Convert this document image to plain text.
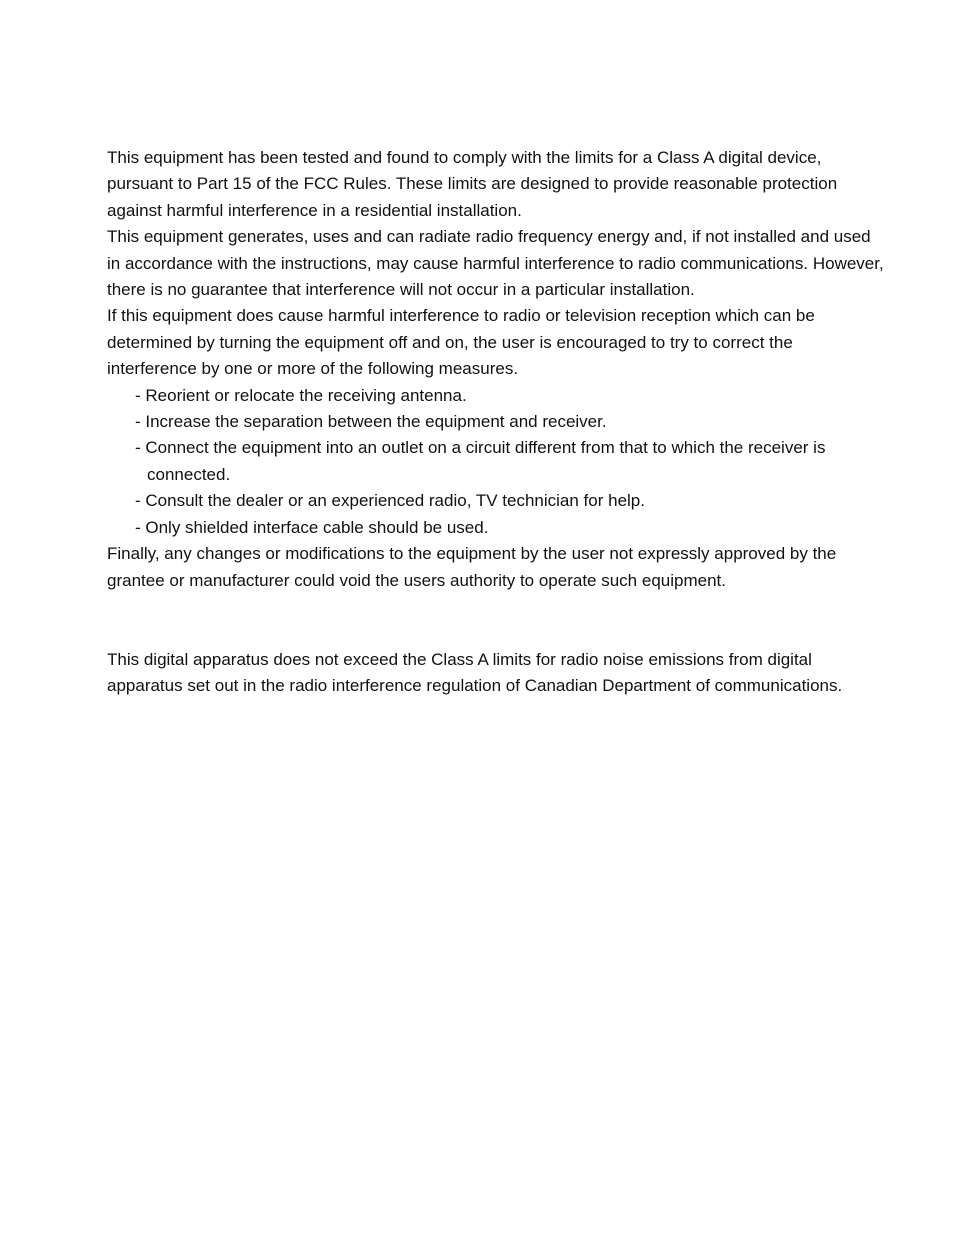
This equipment has been tested and found to comply with the limits for a Class A digital device, pursuant to Part 15 of the FCC Rules. These limits are designed to provide reasonable protection against harmful interference in a residential installation.

This equipment generates, uses and can radiate radio frequency energy and, if not installed and used in accordance with the instructions, may cause harmful interference to radio communications. However, there is no guarantee that interference will not occur in a particular installation.

If this equipment does cause harmful interference to radio or television reception which can be determined by turning the equipment off and on, the user is encouraged to try to correct the interference by one or more of the following measures.

- Reorient or relocate the receiving antenna.
- Increase the separation between the equipment and receiver.
- Connect the equipment into an outlet on a circuit different from that to which the receiver is connected.
- Consult the dealer or an experienced radio, TV technician for help.
- Only shielded interface cable should be used.

Finally, any changes or modifications to the equipment by the user not expressly approved by the grantee or manufacturer could void the users authority to operate such equipment.

This digital apparatus does not exceed the Class A limits for radio noise emissions from digital apparatus set out in the radio interference regulation of Canadian Department of communications.
